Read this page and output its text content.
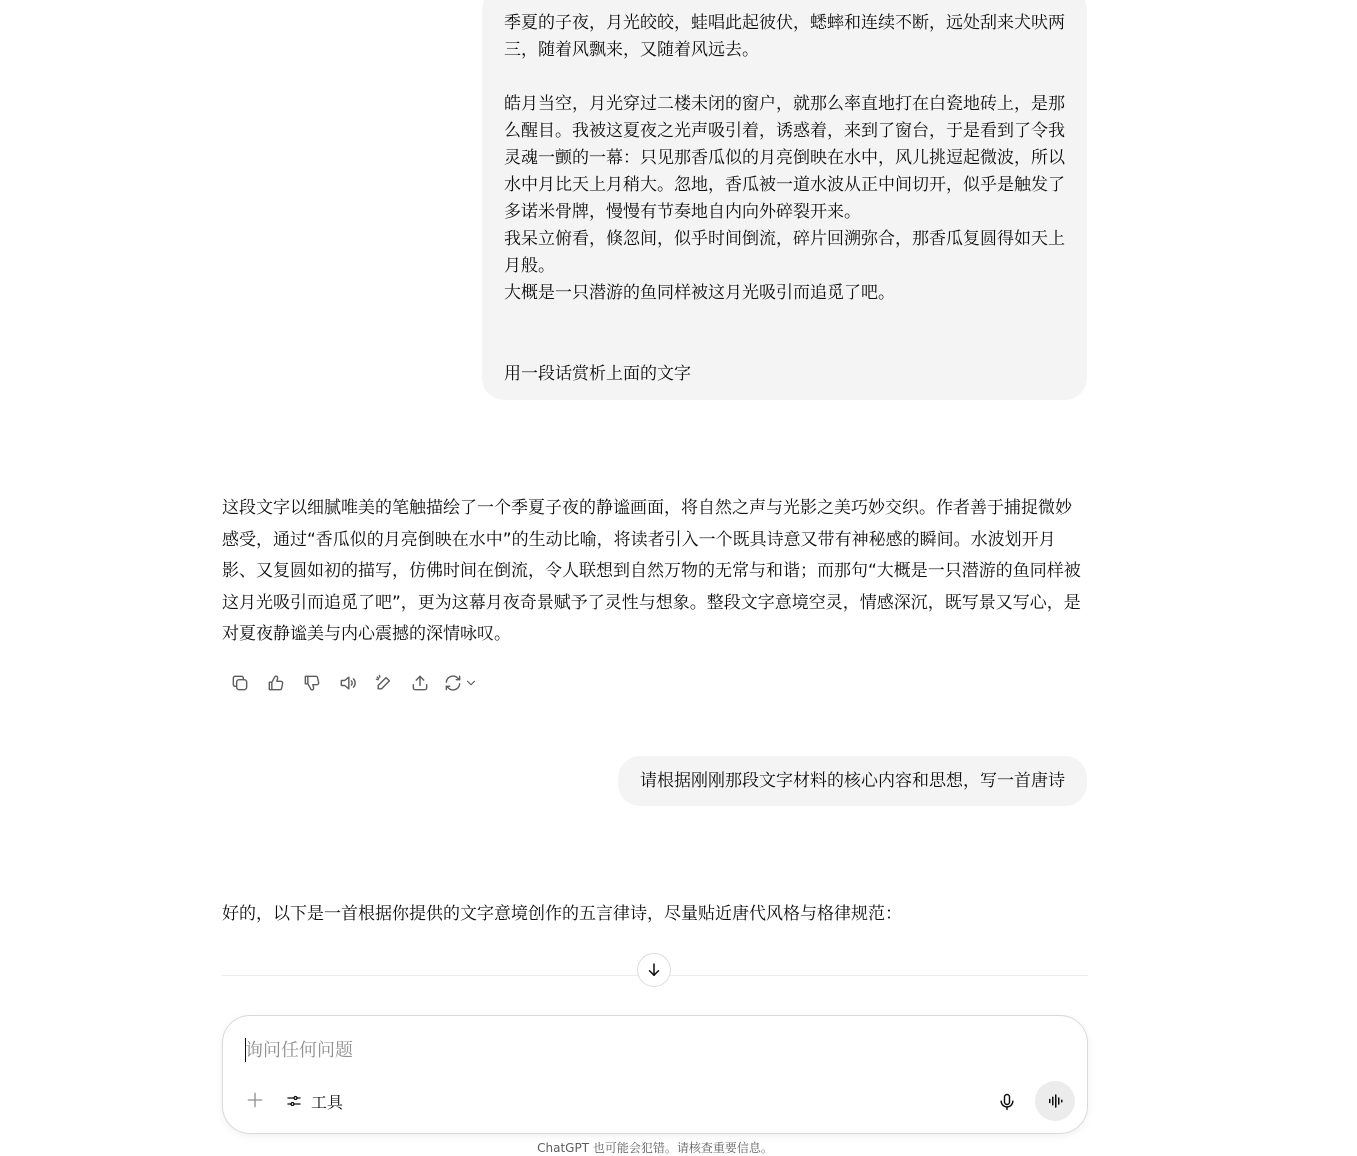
季夏的子夜，月光皎皎，蛙唱此起彼伏，蟋蟀和连续不断，远处刮来犬吠两三，随着风飘来，又随着风远去。

皓月当空，月光穿过二楼未闭的窗户，就那么率直地打在白瓷地砖上，是那么醒目。我被这夏夜之光声吸引着，诱惑着，来到了窗台，于是看到了令我灵魂一颤的一幕：只见那香瓜似的月亮倒映在水中，风儿挑逗起微波，所以水中月比天上月稍大。忽地，香瓜被一道水波从正中间切开，似乎是触发了多诺米骨牌，慢慢有节奏地自内向外碎裂开来。

我呆立俯看，倏忽间，似乎时间倒流，碎片回溯弥合，那香瓜复圆得如天上月般。

大概是一只潜游的鱼同样被这月光吸引而追觅了吧。

用一段话赏析上面的文字

这段文字以细腻唯美的笔触描绘了一个季夏子夜的静谧画面，将自然之声与光影之美巧妙交织。作者善于捕捉微妙感受，通过“香瓜似的月亮倒映在水中”的生动比喻，将读者引入一个既具诗意又带有神秘感的瞬间。水波划开月影、又复圆如初的描写，仿佛时间在倒流，令人联想到自然万物的无常与和谐；而那句“大概是一只潜游的鱼同样被这月光吸引而追觅了吧”，更为这幕月夜奇景赋予了灵性与想象。整段文字意境空灵，情感深沉，既写景又写心，是对夏夜静谧美与内心震撼的深情咏叹。

请根据刚刚那段文字材料的核心内容和思想，写一首唐诗

好的，以下是一首根据你提供的文字意境创作的五言律诗，尽量贴近唐代风格与格律规范：

询问任何问题
工具
ChatGPT 也可能会犯错。请核查重要信息。
